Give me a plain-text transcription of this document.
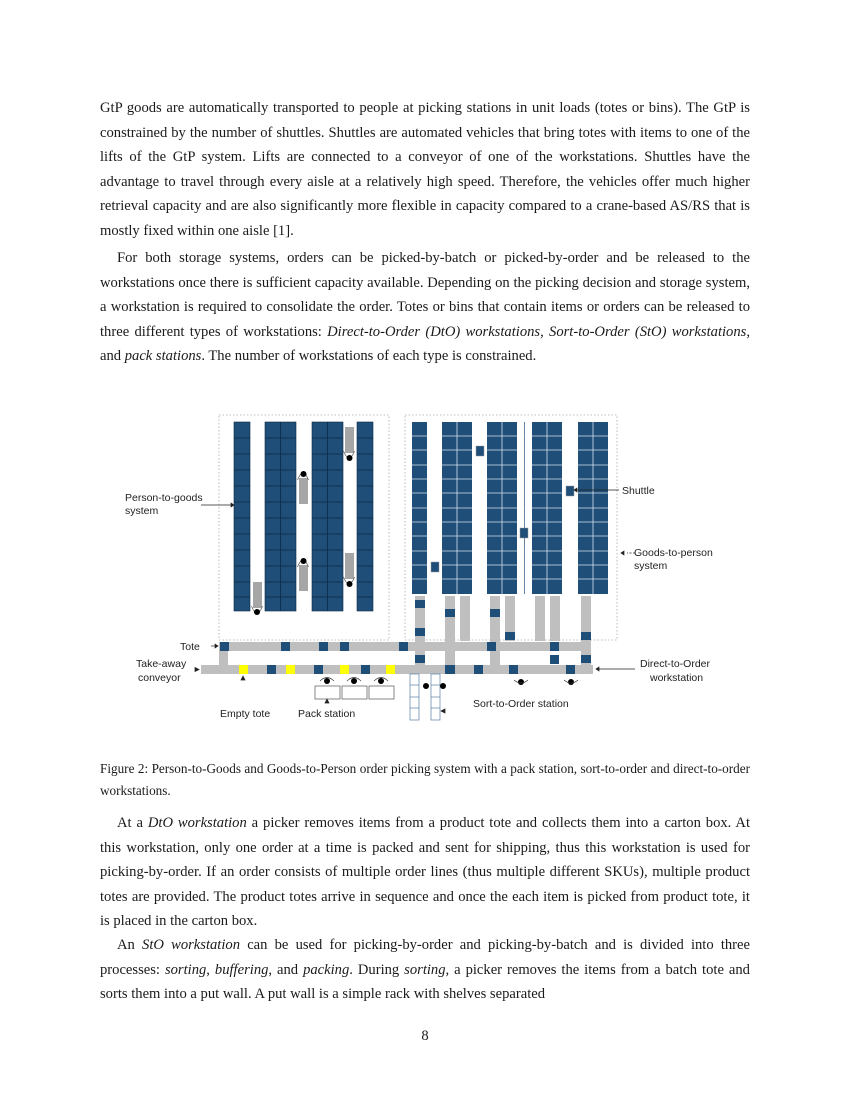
GtP goods are automatically transported to people at picking stations in unit loads (totes or bins). The GtP is constrained by the number of shuttles. Shuttles are automated vehicles that bring totes with items to one of the lifts of the GtP system. Lifts are connected to a conveyor of one of the workstations. Shuttles have the advantage to travel through every aisle at a relatively high speed. Therefore, the vehicles offer much higher retrieval capacity and are also significantly more flexible in capacity compared to a crane-based AS/RS that is mostly fixed within one aisle [1].

For both storage systems, orders can be picked-by-batch or picked-by-order and be released to the workstations once there is sufficient capacity available. Depending on the picking decision and storage system, a workstation is required to consolidate the order. Totes or bins that contain items or orders can be released to three different types of workstations: Direct-to-Order (DtO) workstations, Sort-to-Order (StO) workstations, and pack stations. The number of workstations of each type is constrained.

Person-to-goods
system
Shuttle
Goods-to-person
system
Tote
Take-away
conveyor
Direct-to-Order
workstation
Empty tote	Pack station
Sort-to-Order station

Figure 2: Person-to-Goods and Goods-to-Person order picking system with a pack station, sort-to-order and direct-to-order workstations.

At a DtO workstation a picker removes items from a product tote and collects them into a carton box. At this workstation, only one order at a time is packed and sent for shipping, thus this workstation is used for picking-by-order. If an order consists of multiple order lines (thus multiple different SKUs), multiple product totes are provided. The product totes arrive in sequence and once the each item is picked from product tote, it is placed in the carton box.

An StO workstation can be used for picking-by-order and picking-by-batch and is divided into three processes: sorting, buffering, and packing. During sorting, a picker removes the items from a batch tote and sorts them into a put wall. A put wall is a simple rack with shelves separated

8
